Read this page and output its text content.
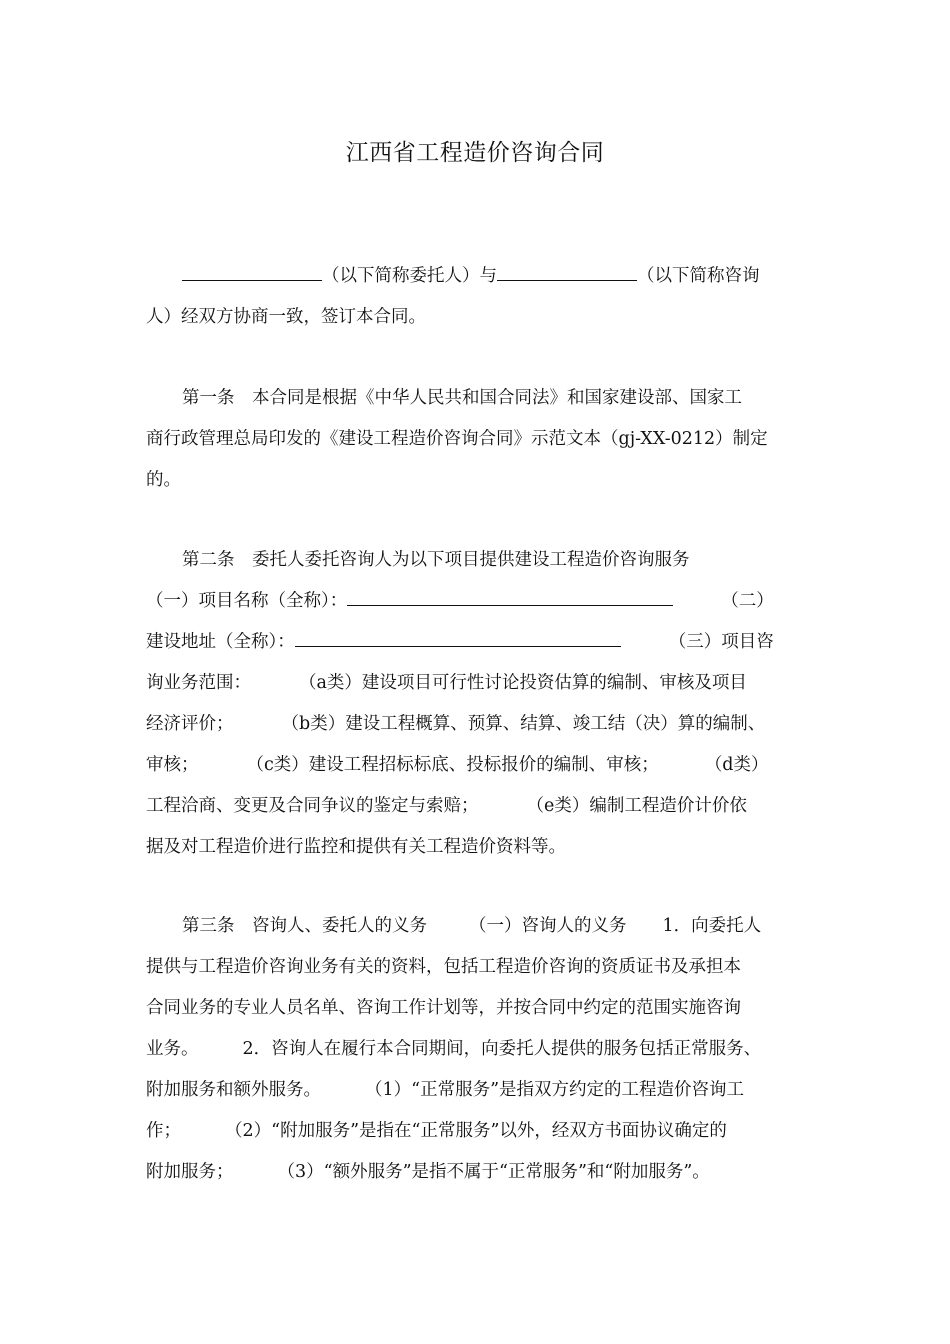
江西省工程造价咨询合同
（以下简称委托人）与	（以下简称咨询
人）经双方协商一致，签订本合同。
第一条　本合同是根据《中华人民共和国合同法》和国家建设部、国家工
商行政管理总局印发的《建设工程造价咨询合同》示范文本（gj-XX-0212）制定
的。
第二条　委托人委托咨询人为以下项目提供建设工程造价咨询服务
（一）项目名称（全称）：	（二）
建设地址（全称）：	（三）项目咨
询业务范围：	（a类）建设项目可行性讨论投资估算的编制、审核及项目
经济评价；	（b类）建设工程概算、预算、结算、竣工结（决）算的编制、
审核；	（c类）建设工程招标标底、投标报价的编制、审核；	（d类）
工程洽商、变更及合同争议的鉴定与索赔；	（e类）编制工程造价计价依
据及对工程造价进行监控和提供有关工程造价资料等。
第三条　咨询人、委托人的义务 （一）咨询人的义务 1．向委托人
提供与工程造价咨询业务有关的资料，包括工程造价咨询的资质证书及承担本
合同业务的专业人员名单、咨询工作计划等，并按合同中约定的范围实施咨询
业务。	2．咨询人在履行本合同期间，向委托人提供的服务包括正常服务、
附加服务和额外服务。	（1）“正常服务”是指双方约定的工程造价咨询工
作；	（2）“附加服务”是指在“正常服务”以外，经双方书面协议确定的
附加服务；	（3）“额外服务”是指不属于“正常服务”和“附加服务”。
